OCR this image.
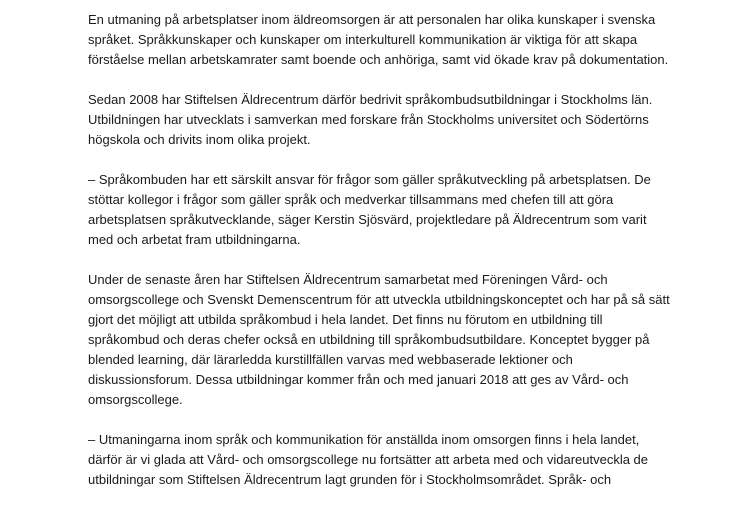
En utmaning på arbetsplatser inom äldreomsorgen är att personalen har olika kunskaper i svenska
språket. Språkkunskaper och kunskaper om interkulturell kommunikation är viktiga för att skapa
förståelse mellan arbetskamrater samt boende och anhöriga, samt vid ökade krav på dokumentation.

Sedan 2008 har Stiftelsen Äldrecentrum därför bedrivit språkombudsutbildningar i Stockholms län.
Utbildningen har utvecklats i samverkan med forskare från Stockholms universitet och Södertörns
högskola och drivits inom olika projekt.

– Språkombuden har ett särskilt ansvar för frågor som gäller språkutveckling på arbetsplatsen. De
stöttar kollegor i frågor som gäller språk och medverkar tillsammans med chefen till att göra
arbetsplatsen språkutvecklande, säger Kerstin Sjösvärd, projektledare på Äldrecentrum som varit
med och arbetat fram utbildningarna.

Under de senaste åren har Stiftelsen Äldrecentrum samarbetat med Föreningen Vård- och
omsorgscollege och Svenskt Demenscentrum för att utveckla utbildningskonceptet och har på så sätt
gjort det möjligt att utbilda språkombud i hela landet. Det finns nu förutom en utbildning till
språkombud och deras chefer också en utbildning till språkombudsutbildare. Konceptet bygger på
blended learning, där lärarledda kurstillfällen varvas med webbaserade lektioner och
diskussionsforum. Dessa utbildningar kommer från och med januari 2018 att ges av Vård- och
omsorgscollege.

– Utmaningarna inom språk och kommunikation för anställda inom omsorgen finns i hela landet,
därför är vi glada att Vård- och omsorgscollege nu fortsätter att arbeta med och vidareutveckla de
utbildningar som Stiftelsen Äldrecentrum lagt grunden för i Stockholmsområdet. Språk- och
